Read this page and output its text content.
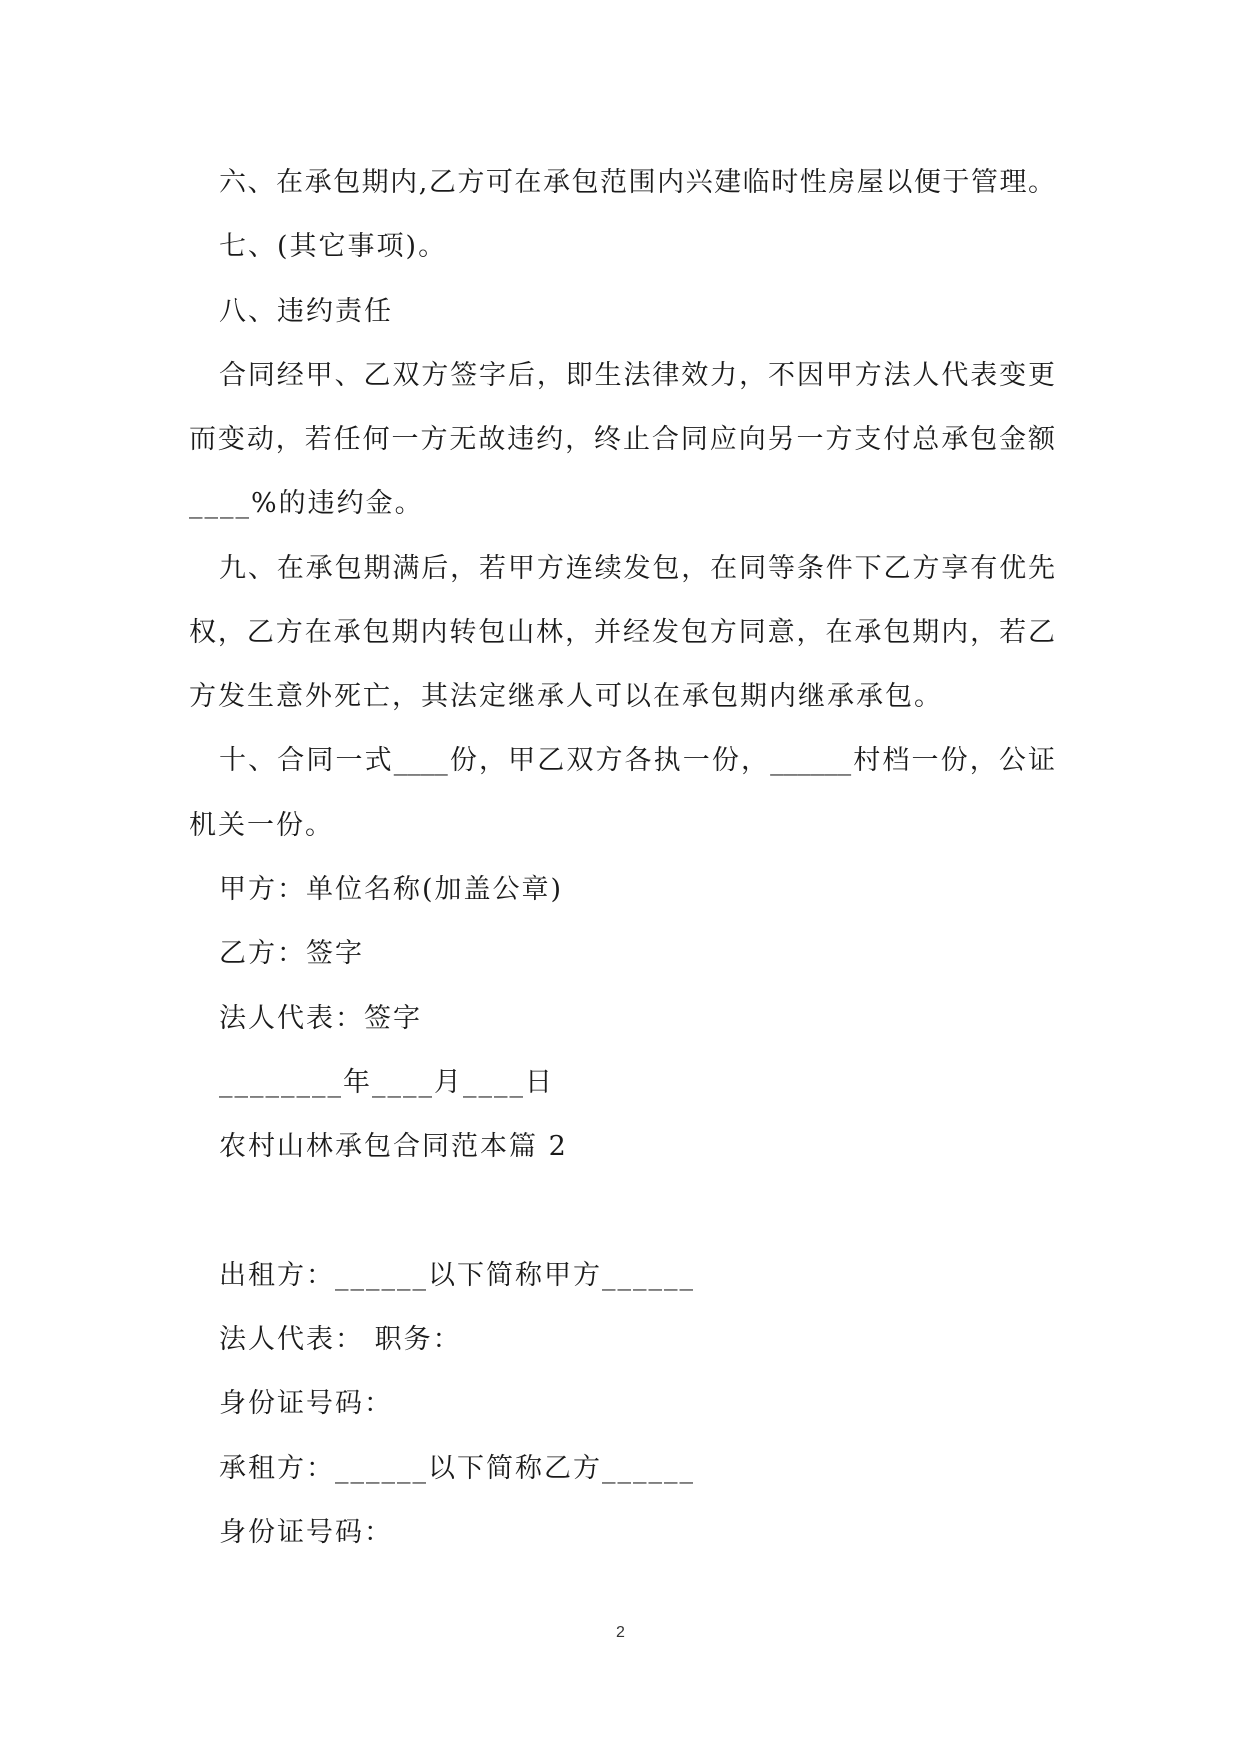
六、在承包期内,乙方可在承包范围内兴建临时性房屋以便于管理。
七、(其它事项)。
八、违约责任
合同经甲、乙双方签字后，即生法律效力，不因甲方法人代表变更
而变动，若任何一方无故违约，终止合同应向另一方支付总承包金额
____%的违约金。
九、在承包期满后，若甲方连续发包，在同等条件下乙方享有优先
权，乙方在承包期内转包山林，并经发包方同意，在承包期内，若乙
方发生意外死亡，其法定继承人可以在承包期内继承承包。
十、合同一式____份，甲乙双方各执一份，______村档一份，公证
机关一份。
甲方：单位名称(加盖公章)
乙方：签字
法人代表：签字
________年____月____日
农村山林承包合同范本篇 2
出租方：______以下简称甲方______
法人代表： 职务：
身份证号码：
承租方：______以下简称乙方______
身份证号码：
2
